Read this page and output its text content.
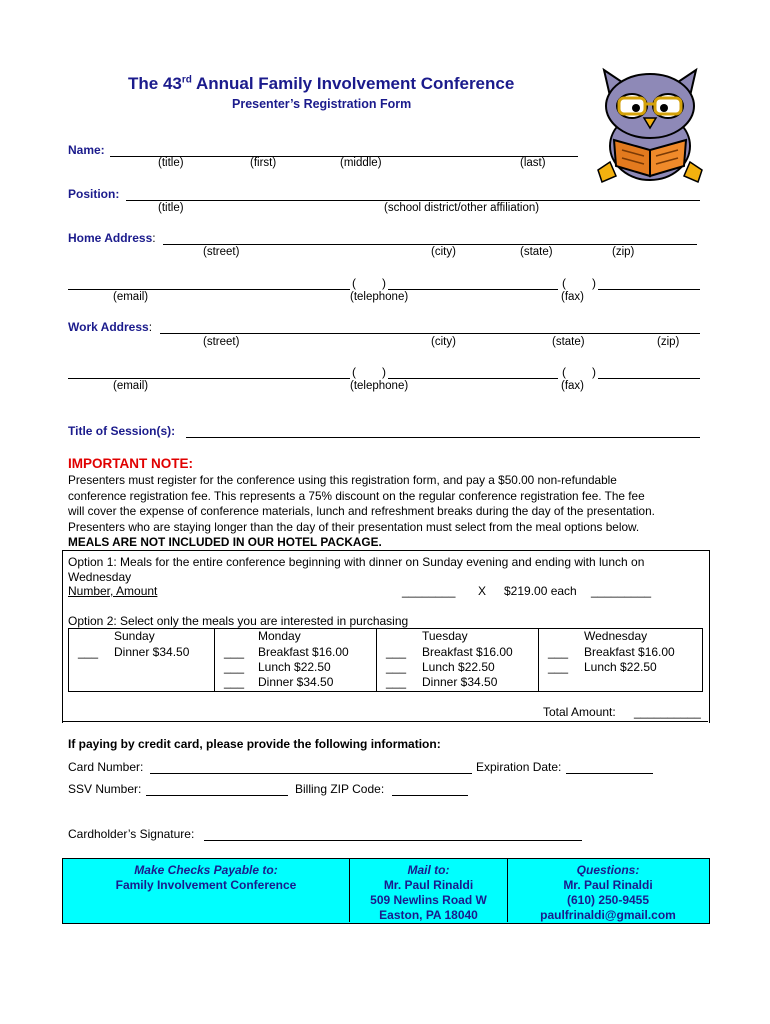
The 43rd Annual Family Involvement Conference
Presenter’s Registration Form
Name:
(title)	(first)	(middle)	(last)
Position:
(title)	(school district/other affiliation)
Home Address:
(street)	(city)	(state)	(zip)
( )	( )
(email)	(telephone)	(fax)
Work Address:
(street)	(city)	(state)	(zip)
( )	( )
(email)	(telephone)	(fax)
Title of Session(s):
IMPORTANT NOTE:
Presenters must register for the conference using this registration form, and pay a $50.00 non-refundable
conference registration fee. This represents a 75% discount on the regular conference registration fee. The fee
will cover the expense of conference materials, lunch and refreshment breaks during the day of the presentation.
Presenters who are staying longer than the day of their presentation must select from the meal options below.
MEALS ARE NOT INCLUDED IN OUR HOTEL PACKAGE.
Option 1: Meals for the entire conference beginning with dinner on Sunday evening and ending with lunch on
Wednesday
Number, Amount	________ X $219.00 each _________
Option 2: Select only the meals you are interested in purchasing
Sunday
___ Dinner $34.50
Monday
___ Breakfast $16.00
___ Lunch $22.50
___ Dinner $34.50
Tuesday
___ Breakfast $16.00
___ Lunch $22.50
___ Dinner $34.50
Wednesday
___ Breakfast $16.00
___ Lunch $22.50
Total Amount: __________
If paying by credit card, please provide the following information:
Card Number:	Expiration Date:
SSV Number:	Billing ZIP Code:
Cardholder’s Signature:
Make Checks Payable to:
Family Involvement Conference
Mail to:
Mr. Paul Rinaldi
509 Newlins Road W
Easton, PA 18040
Questions:
Mr. Paul Rinaldi
(610) 250-9455
paulfrinaldi@gmail.com
